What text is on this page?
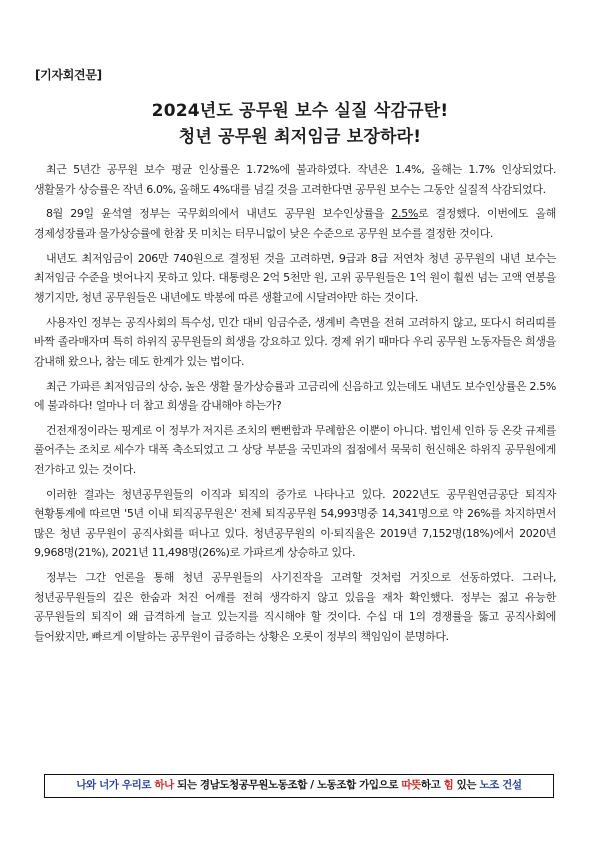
[기자회견문]
2024년도 공무원 보수 실질 삭감규탄!
청년 공무원 최저임금 보장하라!

최근 5년간 공무원 보수 평균 인상률은 1.72%에 불과하였다. 작년은 1.4%, 올해는 1.7% 인상되었다. 생활물가 상승률은 작년 6.0%, 올해도 4%대를 넘길 것을 고려한다면 공무원 보수는 그동안 실질적 삭감되었다.

8월 29일 윤석열 정부는 국무회의에서 내년도 공무원 보수인상률을 2.5%로 결정했다. 이번에도 올해 경제성장률과 물가상승률에 한참 못 미치는 터무니없이 낮은 수준으로 공무원 보수를 결정한 것이다.

내년도 최저임금이 206만 740원으로 결정된 것을 고려하면, 9급과 8급 저연차 청년 공무원의 내년 보수는 최저임금 수준을 벗어나지 못하고 있다. 대통령은 2억 5천만 원, 고위 공무원들은 1억 원이 훨씬 넘는 고액 연봉을 챙기지만, 청년 공무원들은 내년에도 박봉에 따른 생활고에 시달려야만 하는 것이다.

사용자인 정부는 공직사회의 특수성, 민간 대비 임금수준, 생계비 측면을 전혀 고려하지 않고, 또다시 허리띠를 바짝 졸라매자며 특히 하위직 공무원들의 희생을 강요하고 있다. 경제 위기 때마다 우리 공무원 노동자들은 희생을 감내해 왔으나, 참는 데도 한계가 있는 법이다.

최근 가파른 최저임금의 상승, 높은 생활 물가상승률과 고금리에 신음하고 있는데도 내년도 보수인상률은 2.5%에 불과하다! 얼마나 더 참고 희생을 감내해야 하는가?

건전재정이라는 핑계로 이 정부가 저지른 조치의 뻔뻔함과 무례함은 이뿐이 아니다. 법인세 인하 등 온갖 규제를 풀어주는 조치로 세수가 대폭 축소되었고 그 상당 부분을 국민과의 접점에서 묵묵히 헌신해온 하위직 공무원에게 전가하고 있는 것이다.

이러한 결과는 청년공무원들의 이직과 퇴직의 증가로 나타나고 있다. 2022년도 공무원연금공단 퇴직자 현황통계에 따르면 '5년 이내 퇴직공무원은' 전체 퇴직공무원 54,993명중 14,341명으로 약 26%를 차지하면서 많은 청년 공무원이 공직사회를 떠나고 있다. 청년공무원의 이·퇴직율은 2019년 7,152명(18%)에서 2020년 9,968명(21%), 2021년 11,498명(26%)로 가파르게 상승하고 있다.

정부는 그간 언론을 통해 청년 공무원들의 사기진작을 고려할 것처럼 거짓으로 선동하였다. 그러나, 청년공무원들의 깊은 한숨과 처진 어깨를 전혀 생각하지 않고 있음을 재차 확인했다. 정부는 젊고 유능한 공무원들의 퇴직이 왜 급격하게 늘고 있는지를 직시해야 할 것이다. 수십 대 1의 경쟁률을 뚫고 공직사회에 들어왔지만, 빠르게 이탈하는 공무원이 급증하는 상황은 오롯이 정부의 책임임이 분명하다.

나와 너가 우리로 하나 되는 경남도청공무원노동조합 / 노동조합 가입으로 따뜻하고 힘 있는 노조 건설
